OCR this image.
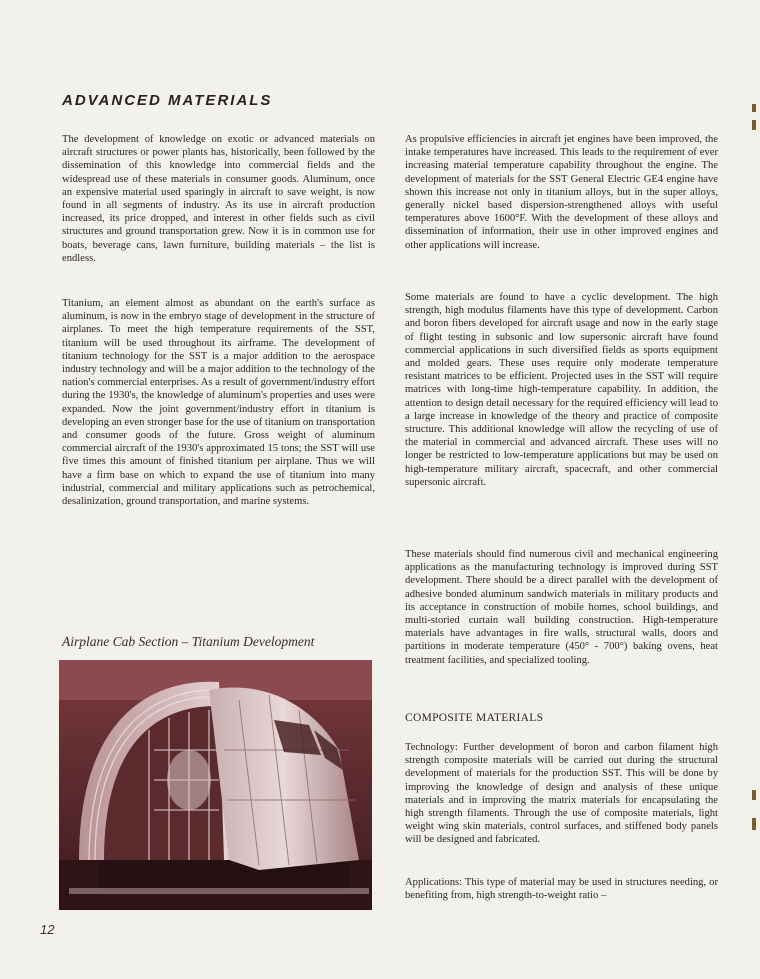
ADVANCED MATERIALS

The development of knowledge on exotic or advanced materials on aircraft structures or power plants has, historically, been followed by the dissemination of this knowledge into commercial fields and the widespread use of these materials in consumer goods. Aluminum, once an expensive material used sparingly in aircraft to save weight, is now found in all segments of industry. As its use in aircraft production increased, its price dropped, and interest in other fields such as civil structures and ground transportation grew. Now it is in common use for boats, beverage cans, lawn furniture, building materials – the list is endless.

Titanium, an element almost as abundant on the earth's surface as aluminum, is now in the embryo stage of development in the structure of airplanes. To meet the high temperature requirements of the SST, titanium will be used throughout its airframe. The development of titanium technology for the SST is a major addition to the aerospace industry technology and will be a major addition to the technology of the nation's commercial enterprises. As a result of government/industry effort during the 1930's, the knowledge of aluminum's properties and uses were expanded. Now the joint government/industry effort in titanium is developing an even stronger base for the use of titanium on transportation and consumer goods of the future. Gross weight of aluminum commercial aircraft of the 1930's approximated 15 tons; the SST will use five times this amount of finished titanium per airplane. Thus we will have a firm base on which to expand the use of titanium into many industrial, commercial and military applications such as petrochemical, desalinization, ground transportation, and marine systems.

Airplane Cab Section – Titanium Development

As propulsive efficiencies in aircraft jet engines have been improved, the intake temperatures have increased. This leads to the requirement of ever increasing material temperature capability throughout the engine. The development of materials for the SST General Electric GE4 engine have shown this increase not only in titanium alloys, but in the super alloys, generally nickel based dispersion-strengthened alloys with useful temperatures above 1600°F. With the development of these alloys and dissemination of information, their use in other improved engines and other applications will increase.

Some materials are found to have a cyclic development. The high strength, high modulus filaments have this type of development. Carbon and boron fibers developed for aircraft usage and now in the early stage of flight testing in subsonic and low supersonic aircraft have found commercial applications in such diversified fields as sports equipment and molded gears. These uses require only moderate temperature resistant matrices to be efficient. Projected uses in the SST will require matrices with long-time high-temperature capability. In addition, the attention to design detail necessary for the required efficiency will lead to a large increase in knowledge of the theory and practice of composite structure. This additional knowledge will allow the recycling of use of the material in commercial and advanced aircraft. These uses will no longer be restricted to low-temperature applications but may be used on high-temperature military aircraft, spacecraft, and other commercial supersonic aircraft.

These materials should find numerous civil and mechanical engineering applications as the manufacturing technology is improved during SST development. There should be a direct parallel with the development of adhesive bonded aluminum sandwich materials in military products and its acceptance in construction of mobile homes, school buildings, and multi-storied curtain wall building construction. High-temperature materials have advantages in fire walls, structural walls, doors and partitions in moderate temperature (450° - 700°) baking ovens, heat treatment facilities, and specialized tooling.

COMPOSITE MATERIALS

Technology: Further development of boron and carbon filament high strength composite materials will be carried out during the structural development of materials for the production SST. This will be done by improving the knowledge of design and analysis of these unique materials and in improving the matrix materials for encapsulating the high strength filaments. Through the use of composite materials, light weight wing skin materials, control surfaces, and stiffened body panels will be designed and fabricated.

Applications: This type of material may be used in structures needing, or benefiting from, high strength-to-weight ratio –

12
